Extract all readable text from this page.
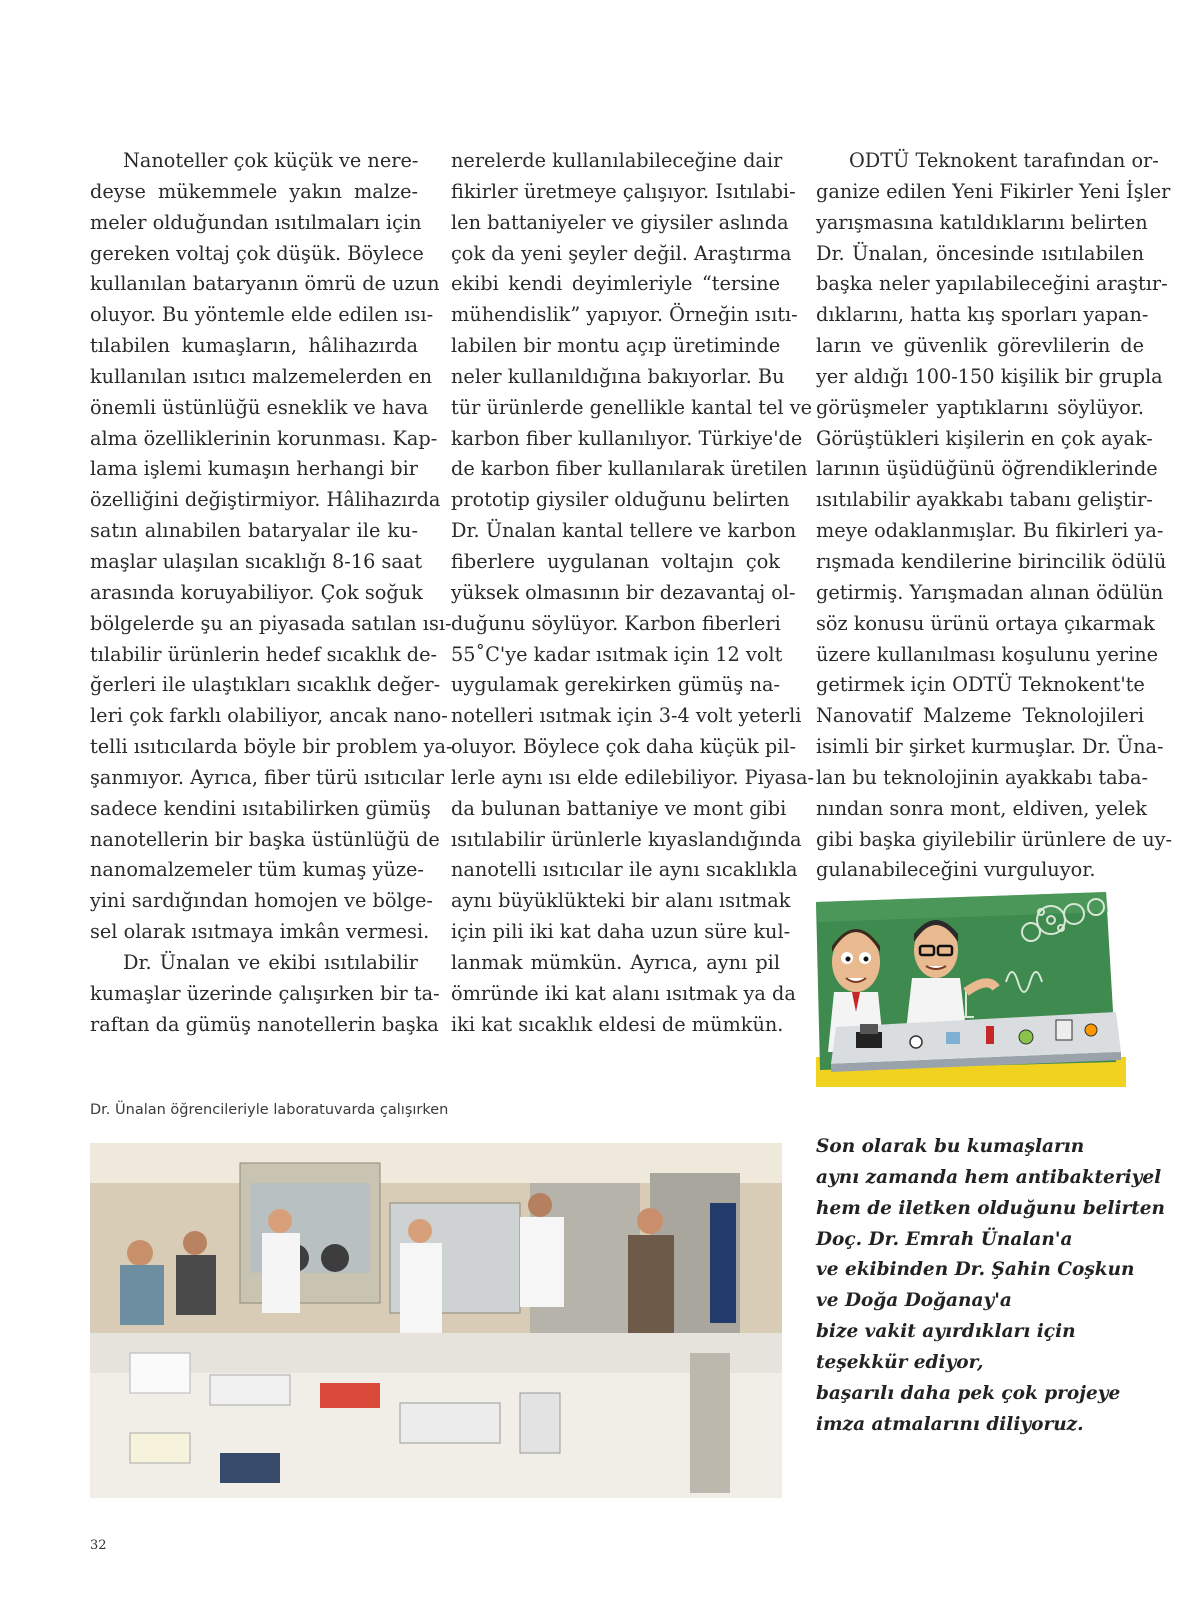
Nanoteller çok küçük ve nere-
deyse mükemmele yakın malze-
meler olduğundan ısıtılmaları için
gereken voltaj çok düşük. Böylece
kullanılan bataryanın ömrü de uzun
oluyor. Bu yöntemle elde edilen ısı-
tılabilen kumaşların, hâlihazırda
kullanılan ısıtıcı malzemelerden en
önemli üstünlüğü esneklik ve hava
alma özelliklerinin korunması. Kap-
lama işlemi kumaşın herhangi bir
özelliğini değiştirmiyor. Hâlihazırda
satın alınabilen bataryalar ile ku-
maşlar ulaşılan sıcaklığı 8-16 saat
arasında koruyabiliyor. Çok soğuk
bölgelerde şu an piyasada satılan ısı-
tılabilir ürünlerin hedef sıcaklık de-
ğerleri ile ulaştıkları sıcaklık değer-
leri çok farklı olabiliyor, ancak nano-
telli ısıtıcılarda böyle bir problem ya-
şanmıyor. Ayrıca, fiber türü ısıtıcılar
sadece kendini ısıtabilirken gümüş
nanotellerin bir başka üstünlüğü de
nanomalzemeler tüm kumaş yüze-
yini sardığından homojen ve bölge-
sel olarak ısıtmaya imkân vermesi.
Dr. Ünalan ve ekibi ısıtılabilir
kumaşlar üzerinde çalışırken bir ta-
raftan da gümüş nanotellerin başka
nerelerde kullanılabileceğine dair
fikirler üretmeye çalışıyor. Isıtılabi-
len battaniyeler ve giysiler aslında
çok da yeni şeyler değil. Araştırma
ekibi kendi deyimleriyle “tersine
mühendislik” yapıyor. Örneğin ısıtı-
labilen bir montu açıp üretiminde
neler kullanıldığına bakıyorlar. Bu
tür ürünlerde genellikle kantal tel ve
karbon fiber kullanılıyor. Türkiye'de
de karbon fiber kullanılarak üretilen
prototip giysiler olduğunu belirten
Dr. Ünalan kantal tellere ve karbon
fiberlere uygulanan voltajın çok
yüksek olmasının bir dezavantaj ol-
duğunu söylüyor. Karbon fiberleri
55˚C'ye kadar ısıtmak için 12 volt
uygulamak gerekirken gümüş na-
notelleri ısıtmak için 3-4 volt yeterli
oluyor. Böylece çok daha küçük pil-
lerle aynı ısı elde edilebiliyor. Piyasa-
da bulunan battaniye ve mont gibi
ısıtılabilir ürünlerle kıyaslandığında
nanotelli ısıtıcılar ile aynı sıcaklıkla
aynı büyüklükteki bir alanı ısıtmak
için pili iki kat daha uzun süre kul-
lanmak mümkün. Ayrıca, aynı pil
ömründe iki kat alanı ısıtmak ya da
iki kat sıcaklık eldesi de mümkün.
ODTÜ Teknokent tarafından or-
ganize edilen Yeni Fikirler Yeni İşler
yarışmasına katıldıklarını belirten
Dr. Ünalan, öncesinde ısıtılabilen
başka neler yapılabileceğini araştır-
dıklarını, hatta kış sporları yapan-
ların ve güvenlik görevlilerin de
yer aldığı 100-150 kişilik bir grupla
görüşmeler yaptıklarını söylüyor.
Görüştükleri kişilerin en çok ayak-
larının üşüdüğünü öğrendiklerinde
ısıtılabilir ayakkabı tabanı geliştir-
meye odaklanmışlar. Bu fikirleri ya-
rışmada kendilerine birincilik ödülü
getirmiş. Yarışmadan alınan ödülün
söz konusu ürünü ortaya çıkarmak
üzere kullanılması koşulunu yerine
getirmek için ODTÜ Teknokent'te
Nanovatif Malzeme Teknolojileri
isimli bir şirket kurmuşlar. Dr. Üna-
lan bu teknolojinin ayakkabı taba-
nından sonra mont, eldiven, yelek
gibi başka giyilebilir ürünlere de uy-
gulanabileceğini vurguluyor.
Dr. Ünalan öğrencileriyle laboratuvarda çalışırken
Son olarak bu kumaşların
aynı zamanda hem antibakteriyel
hem de iletken olduğunu belirten
Doç. Dr. Emrah Ünalan'a
ve ekibinden Dr. Şahin Coşkun
ve Doğa Doğanay'a
bize vakit ayırdıkları için
teşekkür ediyor,
başarılı daha pek çok projeye
imza atmalarını diliyoruz.
32
